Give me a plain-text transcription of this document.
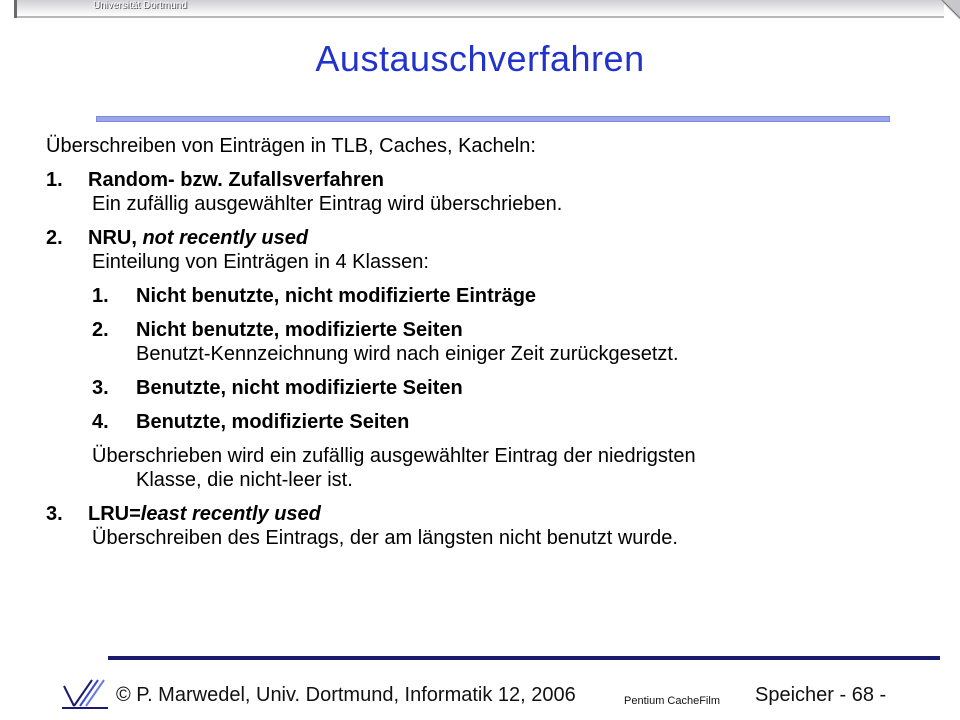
Universität Dortmund
Austauschverfahren
Überschreiben von Einträgen in TLB, Caches, Kacheln:
1. Random- bzw. Zufallsverfahren
Ein zufällig ausgewählter Eintrag wird überschrieben.
2. NRU, not recently used
Einteilung von Einträgen in 4 Klassen:
1. Nicht benutzte, nicht modifizierte Einträge
2. Nicht benutzte, modifizierte Seiten
Benutzt-Kennzeichnung wird nach einiger Zeit zurückgesetzt.
3. Benutzte, nicht modifizierte Seiten
4. Benutzte, modifizierte Seiten
Überschrieben wird ein zufällig ausgewählter Eintrag der niedrigsten
Klasse, die nicht-leer ist.
3. LRU=least recently used
Überschreiben des Eintrags, der am längsten nicht benutzt wurde.
© P. Marwedel, Univ. Dortmund, Informatik 12, 2006	Pentium CacheFilm Speicher - 68 -
